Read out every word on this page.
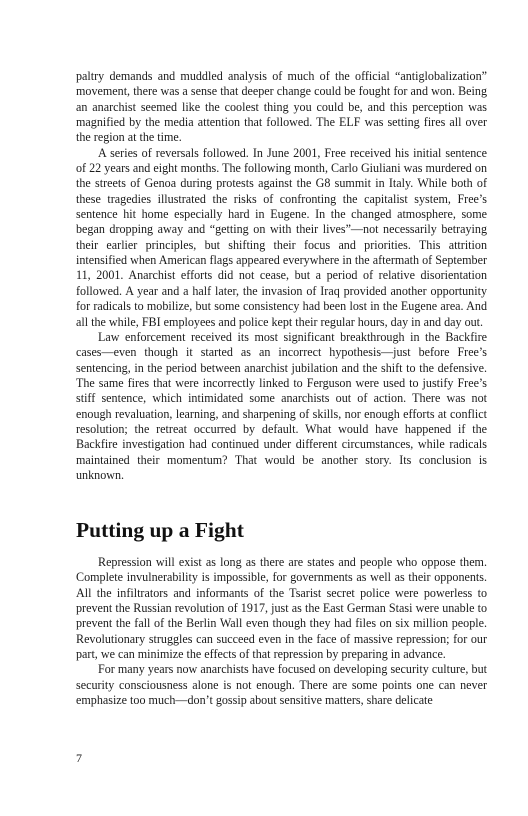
paltry demands and muddled analysis of much of the official “antiglobalization” movement, there was a sense that deeper change could be fought for and won. Being an anarchist seemed like the coolest thing you could be, and this perception was magnified by the media attention that followed. The ELF was setting fires all over the region at the time.

A series of reversals followed. In June 2001, Free received his initial sentence of 22 years and eight months. The following month, Carlo Giuliani was murdered on the streets of Genoa during protests against the G8 summit in Italy. While both of these tragedies illustrated the risks of confronting the capitalist system, Free’s sentence hit home especially hard in Eugene. In the changed atmosphere, some began dropping away and “getting on with their lives”—not necessarily betraying their earlier principles, but shifting their focus and priorities. This attrition intensified when American flags appeared everywhere in the aftermath of September 11, 2001. Anarchist efforts did not cease, but a period of relative disorientation followed. A year and a half later, the invasion of Iraq provided another opportunity for radicals to mobilize, but some consistency had been lost in the Eugene area. And all the while, FBI employees and police kept their regular hours, day in and day out.

Law enforcement received its most significant breakthrough in the Backfire cases—even though it started as an incorrect hypothesis—just before Free’s sentencing, in the period between anarchist jubilation and the shift to the defensive. The same fires that were incorrectly linked to Ferguson were used to justify Free’s stiff sentence, which intimidated some anarchists out of action. There was not enough revaluation, learning, and sharpening of skills, nor enough efforts at conflict resolution; the retreat occurred by default. What would have happened if the Backfire investigation had continued under different circumstances, while radicals maintained their momentum? That would be another story. Its conclusion is unknown.

Putting up a Fight

Repression will exist as long as there are states and people who oppose them. Complete invulnerability is impossible, for governments as well as their opponents. All the infiltrators and informants of the Tsarist secret police were powerless to prevent the Russian revolution of 1917, just as the East German Stasi were unable to prevent the fall of the Berlin Wall even though they had files on six million people. Revolutionary struggles can succeed even in the face of massive repression; for our part, we can minimize the effects of that repression by preparing in advance.

For many years now anarchists have focused on developing security culture, but security consciousness alone is not enough. There are some points one can never emphasize too much—don’t gossip about sensitive matters, share delicate

7
